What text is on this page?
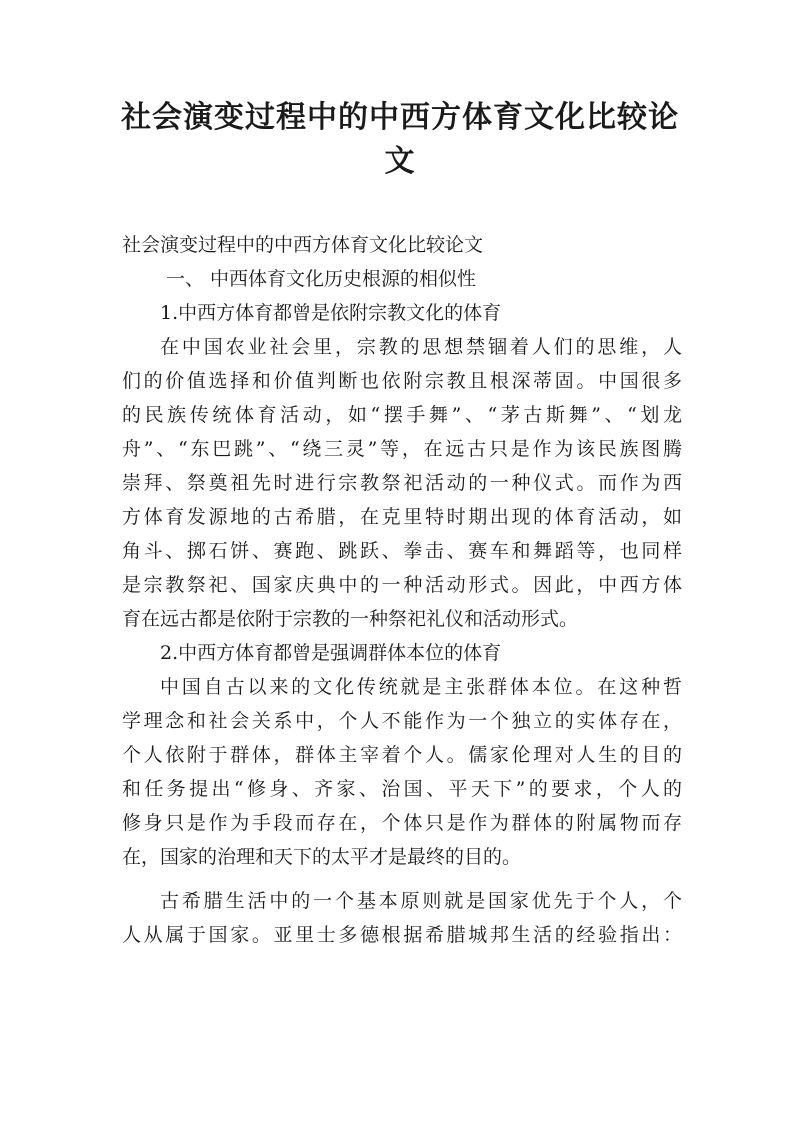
社会演变过程中的中西方体育文化比较论
文
社会演变过程中的中西方体育文化比较论文
一、 中西体育文化历史根源的相似性
1.中西方体育都曾是依附宗教文化的体育
在中国农业社会里，宗教的思想禁锢着人们的思维，人
们的价值选择和价值判断也依附宗教且根深蒂固。中国很多
的民族传统体育活动，如“摆手舞”、“茅古斯舞”、“划龙
舟”、“东巴跳”、“绕三灵”等，在远古只是作为该民族图腾
崇拜、祭奠祖先时进行宗教祭祀活动的一种仪式。而作为西
方体育发源地的古希腊，在克里特时期出现的体育活动，如
角斗、掷石饼、赛跑、跳跃、拳击、赛车和舞蹈等，也同样
是宗教祭祀、国家庆典中的一种活动形式。因此，中西方体
育在远古都是依附于宗教的一种祭祀礼仪和活动形式。
2.中西方体育都曾是强调群体本位的体育
中国自古以来的文化传统就是主张群体本位。在这种哲
学理念和社会关系中，个人不能作为一个独立的实体存在，
个人依附于群体，群体主宰着个人。儒家伦理对人生的目的
和任务提出“修身、齐家、治国、平天下”的要求，个人的
修身只是作为手段而存在，个体只是作为群体的附属物而存
在，国家的治理和天下的太平才是最终的目的。
古希腊生活中的一个基本原则就是国家优先于个人，个
人从属于国家。亚里士多德根据希腊城邦生活的经验指出：
